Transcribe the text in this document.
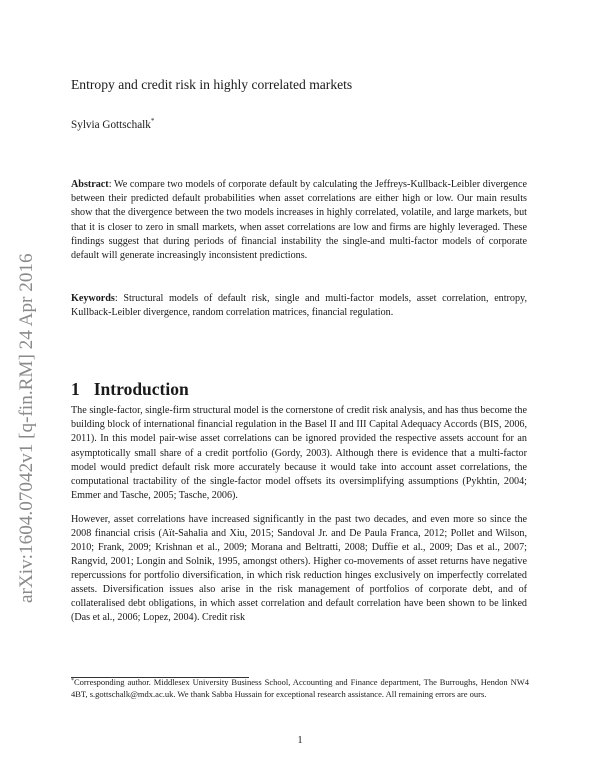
arXiv:1604.07042v1 [q-fin.RM] 24 Apr 2016
Entropy and credit risk in highly correlated markets
Sylvia Gottschalk*
Abstract: We compare two models of corporate default by calculating the Jeffreys-Kullback-Leibler divergence between their predicted default probabilities when asset correlations are either high or low. Our main results show that the divergence between the two models increases in highly correlated, volatile, and large markets, but that it is closer to zero in small markets, when asset correlations are low and firms are highly leveraged. These findings suggest that during periods of financial instability the single-and multi-factor models of corporate default will generate increasingly inconsistent predictions.
Keywords: Structural models of default risk, single and multi-factor models, asset correlation, entropy, Kullback-Leibler divergence, random correlation matrices, financial regulation.
1 Introduction
The single-factor, single-firm structural model is the cornerstone of credit risk analysis, and has thus become the building block of international financial regulation in the Basel II and III Capital Adequacy Accords (BIS, 2006, 2011). In this model pair-wise asset correlations can be ignored provided the respective assets account for an asymptotically small share of a credit portfolio (Gordy, 2003). Although there is evidence that a multi-factor model would predict default risk more accurately because it would take into account asset correlations, the computational tractability of the single-factor model offsets its oversimplifying assumptions (Pykhtin, 2004; Emmer and Tasche, 2005; Tasche, 2006).
However, asset correlations have increased significantly in the past two decades, and even more so since the 2008 financial crisis (Aït-Sahalia and Xiu, 2015; Sandoval Jr. and De Paula Franca, 2012; Pollet and Wilson, 2010; Frank, 2009; Krishnan et al., 2009; Morana and Beltratti, 2008; Duffie et al., 2009; Das et al., 2007; Rangvid, 2001; Longin and Solnik, 1995, amongst others). Higher co-movements of asset returns have negative repercussions for portfolio diversification, in which risk reduction hinges exclusively on imperfectly correlated assets. Diversification issues also arise in the risk management of portfolios of corporate debt, and of collateralised debt obligations, in which asset correlation and default correlation have been shown to be linked (Das et al., 2006; Lopez, 2004). Credit risk
*Corresponding author. Middlesex University Business School, Accounting and Finance department, The Burroughs, Hendon NW4 4BT, s.gottschalk@mdx.ac.uk. We thank Sabba Hussain for exceptional research assistance. All remaining errors are ours.
1
